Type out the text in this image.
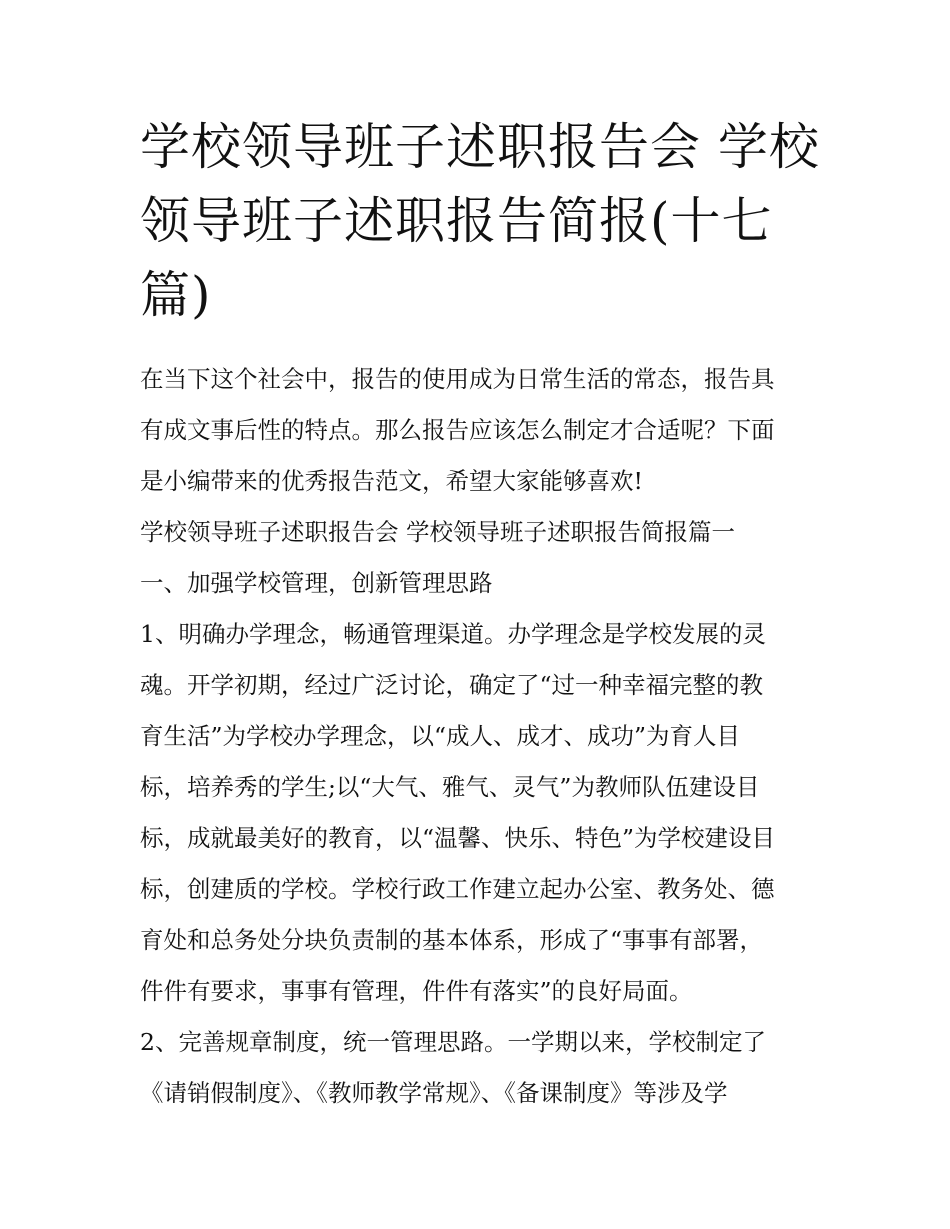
学校领导班子述职报告会 学校
领导班子述职报告简报(十七
篇)

在当下这个社会中，报告的使用成为日常生活的常态，报告具
有成文事后性的特点。那么报告应该怎么制定才合适呢？下面
是小编带来的优秀报告范文，希望大家能够喜欢!

学校领导班子述职报告会 学校领导班子述职报告简报篇一

一、加强学校管理，创新管理思路

1、明确办学理念，畅通管理渠道。办学理念是学校发展的灵
魂。开学初期，经过广泛讨论，确定了“过一种幸福完整的教
育生活”为学校办学理念，以“成人、成才、成功”为育人目
标，培养秀的学生;以“大气、雅气、灵气”为教师队伍建设目
标，成就最美好的教育，以“温馨、快乐、特色”为学校建设目
标，创建质的学校。学校行政工作建立起办公室、教务处、德
育处和总务处分块负责制的基本体系，形成了“事事有部署，
件件有要求，事事有管理，件件有落实”的良好局面。

2、完善规章制度，统一管理思路。一学期以来，学校制定了
《请销假制度》、《教师教学常规》、《备课制度》等涉及学
